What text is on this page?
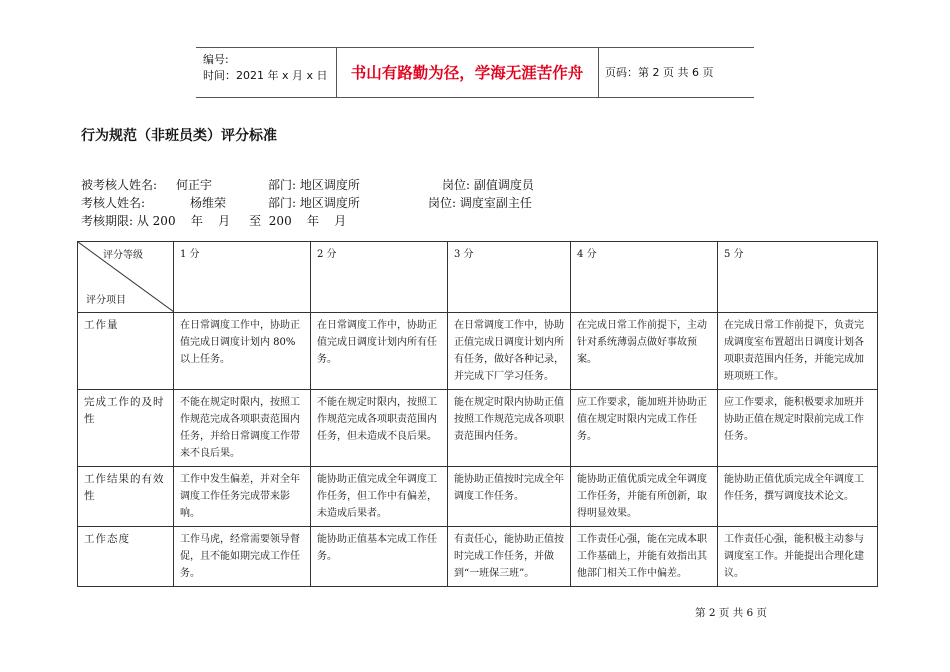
编号:
时间：2021 年 x 月 x 日	书山有路勤为径，学海无涯苦作舟	页码：第 2 页 共 6 页
行为规范（非班员类）评分标准
被考核人姓名: 何正宇	部门: 地区调度所	岗位: 副值调度员
考核人姓名:	杨维荣	部门: 地区调度所	岗位: 调度室副主任
考核期限: 从 200    年    月     至  200    年    月
评分等级
评分项目	1 分	2 分	3 分	4 分	5 分
工作量	在日常调度工作中，协助正值完成日调度计划内 80%以上任务。	在日常调度工作中，协助正值完成日调度计划内所有任务。	在日常调度工作中，协助正值完成日调度计划内所有任务，做好各种记录，并完成下厂学习任务。	在完成日常工作前提下，主动针对系统薄弱点做好事故预案。	在完成日常工作前提下，负责完成调度室布置超出日调度计划各项职责范围内任务，并能完成加班项班工作。
完成工作的及时性	不能在规定时限内，按照工作规范完成各项职责范围内任务，并给日常调度工作带来不良后果。	不能在规定时限内，按照工作规范完成各项职责范围内任务，但未造成不良后果。	能在规定时限内协助正值按照工作规范完成各项职责范围内任务。	应工作要求，能加班并协助正值在规定时限内完成工作任务。	应工作要求，能积极要求加班并协助正值在规定时限前完成工作任务。
工作结果的有效性	工作中发生偏差，并对全年调度工作任务完成带来影响。	能协助正值完成全年调度工作任务，但工作中有偏差，未造成后果者。	能协助正值按时完成全年调度工作任务。	能协助正值优质完成全年调度工作任务，并能有所创新，取得明显效果。	能协助正值优质完成全年调度工作任务，撰写调度技术论文。
工作态度	工作马虎，经常需要领导督促，且不能如期完成工作任务。	能协助正值基本完成工作任务。	有责任心，能协助正值按时完成工作任务，并做到“一班保三班”。	工作责任心强，能在完成本职工作基础上，并能有效指出其他部门相关工作中偏差。	工作责任心强，能积极主动参与调度室工作。并能提出合理化建议。
第 2 页 共 6 页
